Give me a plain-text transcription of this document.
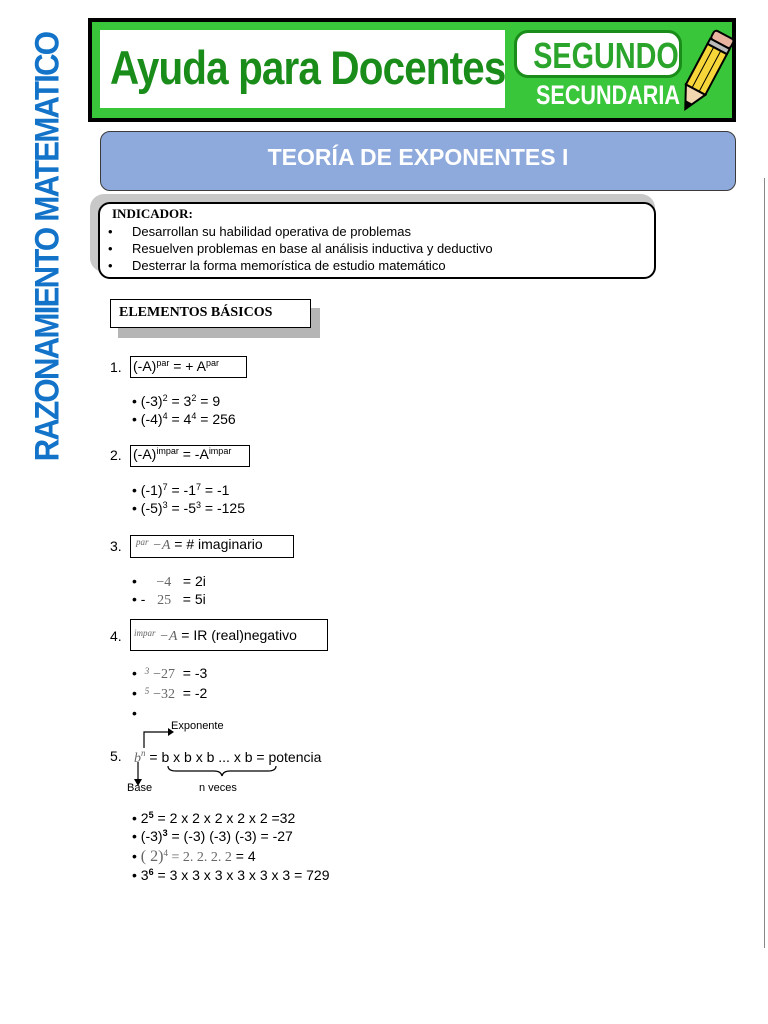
Ayuda para Docentes SEGUNDO
SECUNDARIA
RAZONAMIENTO MATEMATICO	TEORÍA DE EXPONENTES I
INDICADOR:
• Desarrollan su habilidad operativa de problemas
• Resuelven problemas en base al análisis inductiva y deductivo
• Desterrar la forma memorística de estudio matemático
ELEMENTOS BÁSICOS
1. $(-A)^{par}$ = + $A^{par}$
• $(-3)^2 = 3^2 = 9$
• $(-4)^4 = 4^4 = 256$
2. $(-A)^{impar} = -A^{impar}$
• $(-1)^7 = -1^7 = -1$
• $(-5)^3 = -5^3 = -125$
3. $^{par}$ −A = # imaginario
•     −4   = 2i
• - 25   = 5i
4. $^{impar}$ −A = IR (real)negativo
•  $^3$ −27  = -3
•  $^5$ −32  = -2
•
Exponente
5. $b^n = b$ x b x b ... x b = potencia
Base	n veces
• $2^5 = 2$ x 2 x 2 x 2 x 2 =32
• $(-3)^3 = (-3)$ (-3) (-3) = -27
• ( 2)$^4$ = 2. 2. 2. 2 = 4
• $3^6 = 3$ x 3 x 3 x 3 x 3 x 3 = 729
